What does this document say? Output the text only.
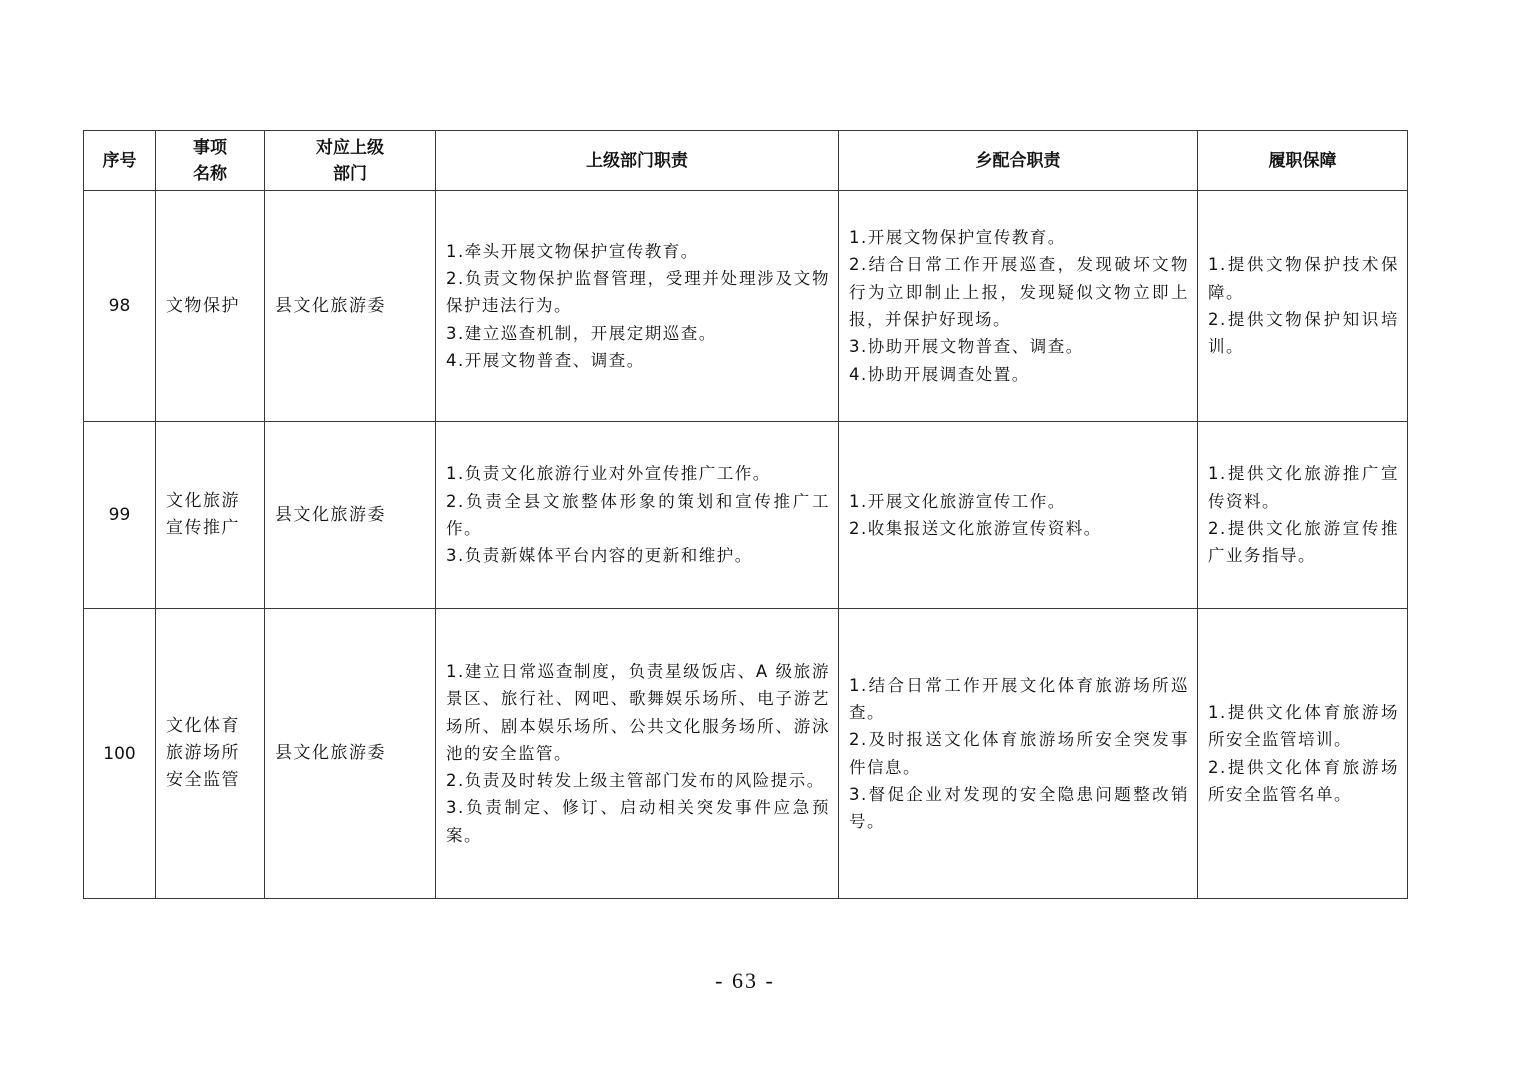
序号	事项
名称	对应上级
部门	上级部门职责	乡配合职责	履职保障
98	文物保护	县文化旅游委	1.牵头开展文物保护宣传教育。
2.负责文物保护监督管理，受理并处理涉及文物保护违法行为。
3.建立巡查机制，开展定期巡查。
4.开展文物普查、调查。	1.开展文物保护宣传教育。
2.结合日常工作开展巡查，发现破坏文物行为立即制止上报，发现疑似文物立即上报，并保护好现场。
3.协助开展文物普查、调查。
4.协助开展调查处置。	1.提供文物保护技术保障。
2.提供文物保护知识培训。

99	文化旅游
宣传推广	县文化旅游委	1.负责文化旅游行业对外宣传推广工作。
2.负责全县文旅整体形象的策划和宣传推广工作。
3.负责新媒体平台内容的更新和维护。	1.开展文化旅游宣传工作。
2.收集报送文化旅游宣传资料。	1.提供文化旅游推广宣传资料。
2.提供文化旅游宣传推广业务指导。

100	文化体育
旅游场所
安全监管	县文化旅游委	1.建立日常巡查制度，负责星级饭店、A 级旅游景区、旅行社、网吧、歌舞娱乐场所、电子游艺场所、剧本娱乐场所、公共文化服务场所、游泳池的安全监管。
2.负责及时转发上级主管部门发布的风险提示。
3.负责制定、修订、启动相关突发事件应急预案。	1.结合日常工作开展文化体育旅游场所巡查。
2.及时报送文化体育旅游场所安全突发事件信息。
3.督促企业对发现的安全隐患问题整改销号。	1.提供文化体育旅游场所安全监管培训。
2.提供文化体育旅游场所安全监管名单。
- 63 -
